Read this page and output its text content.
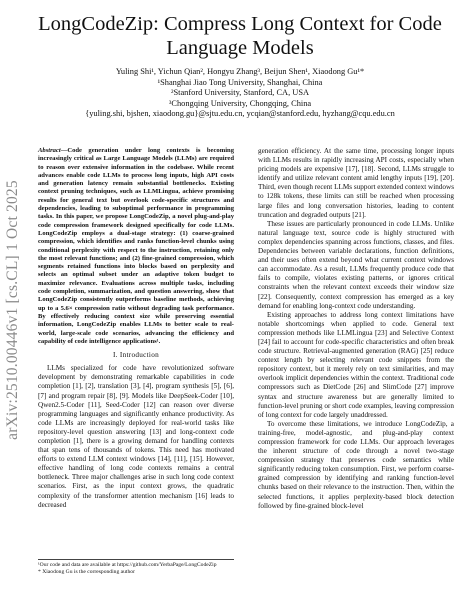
arXiv:2510.00446v1 [cs.CL] 1 Oct 2025
LongCodeZip: Compress Long Context for Code Language Models
Yuling Shi¹, Yichun Qian², Hongyu Zhang³, Beijun Shen¹, Xiaodong Gu¹*
¹Shanghai Jiao Tong University, Shanghai, China
²Stanford University, Stanford, CA, USA
³Chongqing University, Chongqing, China
{yuling.shi, bjshen, xiaodong.gu}@sjtu.edu.cn, ycqian@stanford.edu, hyzhang@cqu.edu.cn

Abstract—Code generation under long contexts is becoming increasingly critical as Large Language Models (LLMs) are required to reason over extensive information in the codebase. While recent advances enable code LLMs to process long inputs, high API costs and generation latency remain substantial bottlenecks. Existing context pruning techniques, such as LLMLingua, achieve promising results for general text but overlook code-specific structures and dependencies, leading to suboptimal performance in programming tasks. In this paper, we propose LongCodeZip, a novel plug-and-play code compression framework designed specifically for code LLMs. LongCodeZip employs a dual-stage strategy: (1) coarse-grained compression, which identifies and ranks function-level chunks using conditional perplexity with respect to the instruction, retaining only the most relevant functions; and (2) fine-grained compression, which segments retained functions into blocks based on perplexity and selects an optimal subset under an adaptive token budget to maximize relevance. Evaluations across multiple tasks, including code completion, summarization, and question answering, show that LongCodeZip consistently outperforms baseline methods, achieving up to a 5.6× compression ratio without degrading task performance. By effectively reducing context size while preserving essential information, LongCodeZip enables LLMs to better scale to real-world, large-scale code scenarios, advancing the efficiency and capability of code intelligence applications¹.

I. Introduction

LLMs specialized for code have revolutionized software development by demonstrating remarkable capabilities in code completion [1], [2], translation [3], [4], program synthesis [5], [6], [7] and program repair [8], [9]. Models like DeepSeek-Coder [10], Qwen2.5-Coder [11], Seed-Coder [12] can reason over diverse programming languages and significantly enhance productivity. As code LLMs are increasingly deployed for real-world tasks like repository-level question answering [13] and long-context code completion [1], there is a growing demand for handling contexts that span tens of thousands of tokens. This need has motivated efforts to extend LLM context windows [14], [11], [15]. However, effective handling of long code contexts remains a central bottleneck. Three major challenges arise in such long code context scenarios. First, as the input context grows, the quadratic complexity of the transformer attention mechanism [16] leads to decreased

generation efficiency. At the same time, processing longer inputs with LLMs results in rapidly increasing API costs, especially when pricing models are expensive [17], [18]. Second, LLMs struggle to identify and utilize relevant content amid lengthy inputs [19], [20]. Third, even though recent LLMs support extended context windows to 128k tokens, these limits can still be reached when processing large files and long conversation histories, leading to content truncation and degraded outputs [21].

These issues are particularly pronounced in code LLMs. Unlike natural language text, source code is highly structured with complex dependencies spanning across functions, classes, and files. Dependencies between variable declarations, function definitions, and their uses often extend beyond what current context windows can accommodate. As a result, LLMs frequently produce code that fails to compile, violates existing patterns, or ignores critical constraints when the relevant context exceeds their window size [22]. Consequently, context compression has emerged as a key demand for enabling long-context code understanding.

Existing approaches to address long context limitations have notable shortcomings when applied to code. General text compression methods like LLMLingua [23] and Selective Context [24] fail to account for code-specific characteristics and often break code structure. Retrieval-augmented generation (RAG) [25] reduce context length by selecting relevant code snippets from the repository context, but it merely rely on text similarities, and may overlook implicit dependencies within the context. Traditional code compressors such as DietCode [26] and SlimCode [27] improve syntax and structure awareness but are generally limited to function-level pruning or short code examples, leaving compression of long context for code largely unaddressed.

To overcome these limitations, we introduce LongCodeZip, a training-free, model-agnostic, and plug-and-play context compression framework for code LLMs. Our approach leverages the inherent structure of code through a novel two-stage compression strategy that preserves code semantics while significantly reducing token consumption. First, we perform coarse-grained compression by identifying and ranking function-level chunks based on their relevance to the instruction. Then, within the selected functions, it applies perplexity-based block detection followed by fine-grained block-level

¹Our code and data are available at https://github.com/YerbaPage/LongCodeZip
* Xiaodong Gu is the corresponding author
